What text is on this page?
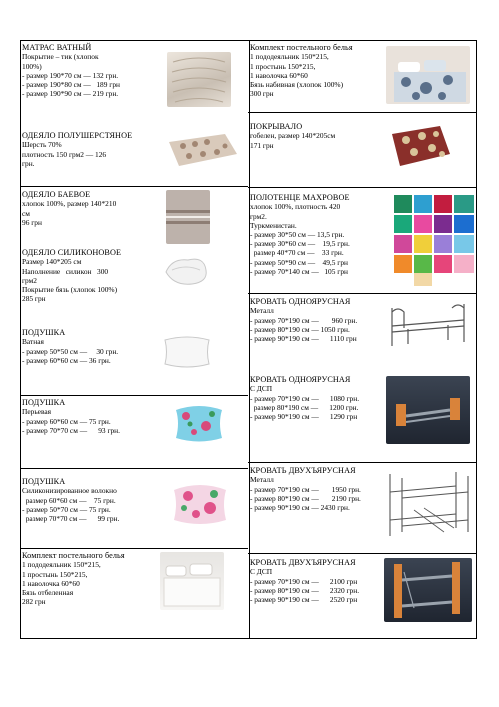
МАТРАС ВАТНЫЙ
Покрытие – тик (хлопок
100%)
- размер 190*70 см — 132 грн.
- размер 190*80 см —   189 грн
- размер 190*90 см — 219 грн.
ОДЕЯЛО ПОЛУШЕРСТЯНОЕ
Шерсть 70%
плотность 150 грм2 — 126
грн.
ОДЕЯЛО БАЕВОЕ
хлопок 100%, размер 140*210
см
96 грн
ОДЕЯЛО СИЛИКОНОВОЕ
Размер 140*205 см
Наполнение   силикон   300
грм2
Покрытие бязь (хлопок 100%)
285 грн
ПОДУШКА
Ватная
- размер 50*50 см —     30 грн.
- размер 60*60 см — 36 грн.
ПОДУШКА
Перьевая
- размер 60*60 см — 75 грн.
- размер 70*70 см —      93 грн.
ПОДУШКА
Силиконизированное волокно
размер 60*60 см —    75 грн.
- размер 50*70 см — 75 грн.
размер 70*70 см —      99 грн.
Комплект постельного белья
1 пододеяльник 150*215,
1 простынь 150*215,
1 наволочка 60*60
Бязь отбеленная
282 грн
Комплект постельного белья
1 пододеяльник 150*215,
1 простынь 150*215,
1 наволочка 60*60
Бязь набивная (хлопок 100%)
300 грн
ПОКРЫВАЛО
гобелен, размер 140*205см
171 грн
ПОЛОТЕНЦЕ МАХРОВОЕ
хлопок 100%, плотность 420
грм2.
Туркменистан.
- размер 30*50 см — 13,5 грн.
- размер 30*60 см —    19,5 грн.
размер 40*70 см —    33 грн.
- размер 50*90 см —    49,5 грн
- размер 70*140 см —   105 грн
КРОВАТЬ ОДНОЯРУСНАЯ
Металл
- размер 70*190 см —       960 грн.
- размер 80*190 см — 1050 грн.
- размер 90*190 см —      1110 грн
КРОВАТЬ ОДНОЯРУСНАЯ
С ДСП
- размер 70*190 см —      1080 грн.
размер 80*190 см —      1200 грн.
- размер 90*190 см —      1290 грн
КРОВАТЬ ДВУХЪЯРУСНАЯ
Металл
- размер 70*190 см —       1950 грн.
- размер 80*190 см —       2190 грн.
- размер 90*190 см — 2430 грн.
КРОВАТЬ ДВУХЪЯРУСНАЯ
С ДСП
- размер 70*190 см —      2100 грн
- размер 80*190 см —      2320 грн.
- размер 90*190 см —      2520 грн
